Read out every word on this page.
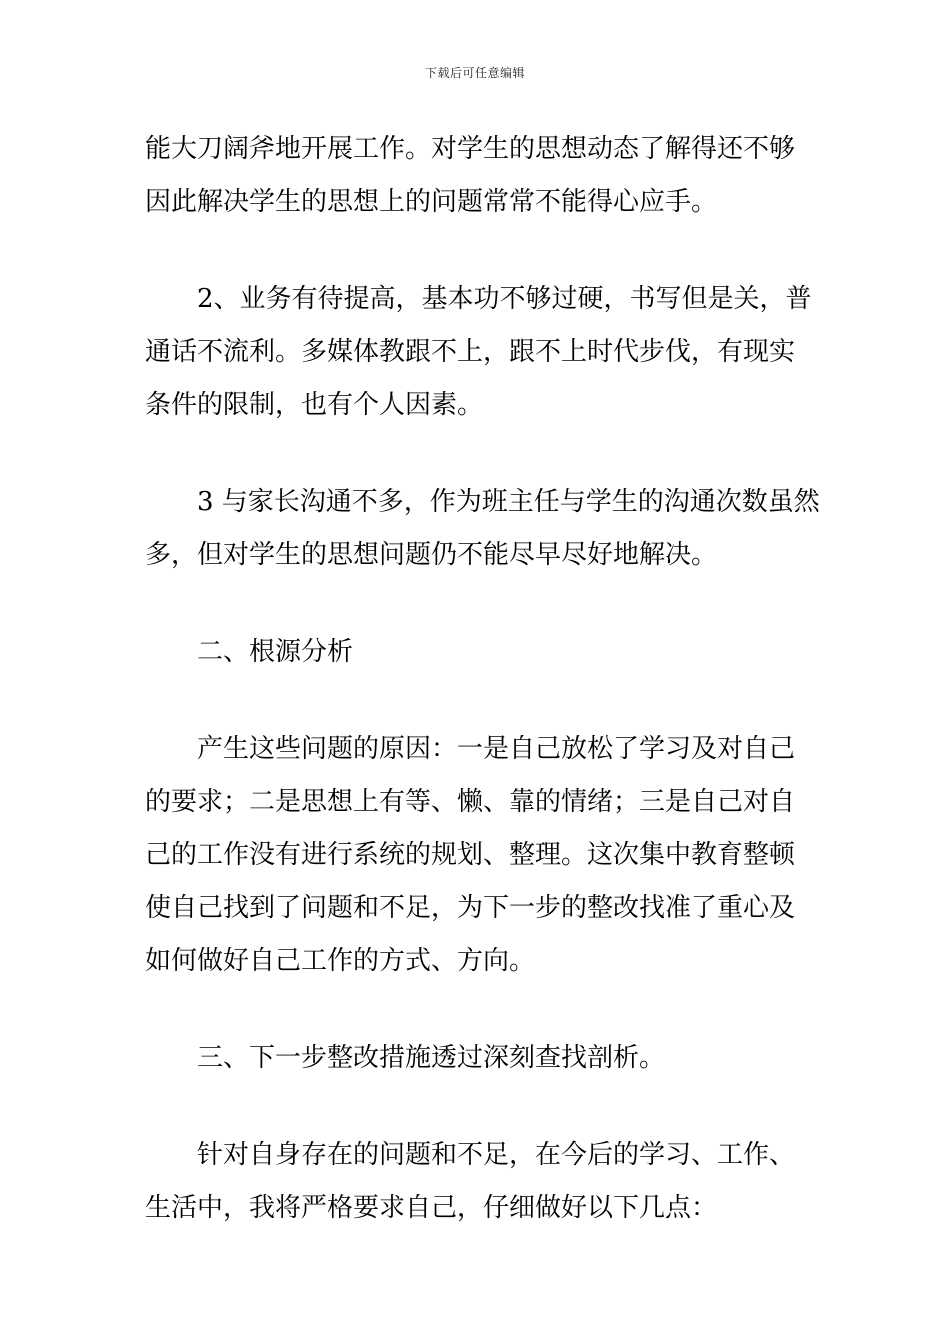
下载后可任意编辑
能大刀阔斧地开展工作。对学生的思想动态了解得还不够
因此解决学生的思想上的问题常常不能得心应手。
2、业务有待提高，基本功不够过硬，书写但是关，普
通话不流利。多媒体教跟不上，跟不上时代步伐，有现实
条件的限制，也有个人因素。
3 与家长沟通不多，作为班主任与学生的沟通次数虽然
多，但对学生的思想问题仍不能尽早尽好地解决。
二、根源分析
产生这些问题的原因：一是自己放松了学习及对自己
的要求；二是思想上有等、懒、靠的情绪；三是自己对自
己的工作没有进行系统的规划、整理。这次集中教育整顿
使自己找到了问题和不足，为下一步的整改找准了重心及
如何做好自己工作的方式、方向。
三、下一步整改措施透过深刻查找剖析。
针对自身存在的问题和不足，在今后的学习、工作、
生活中，我将严格要求自己，仔细做好以下几点：
